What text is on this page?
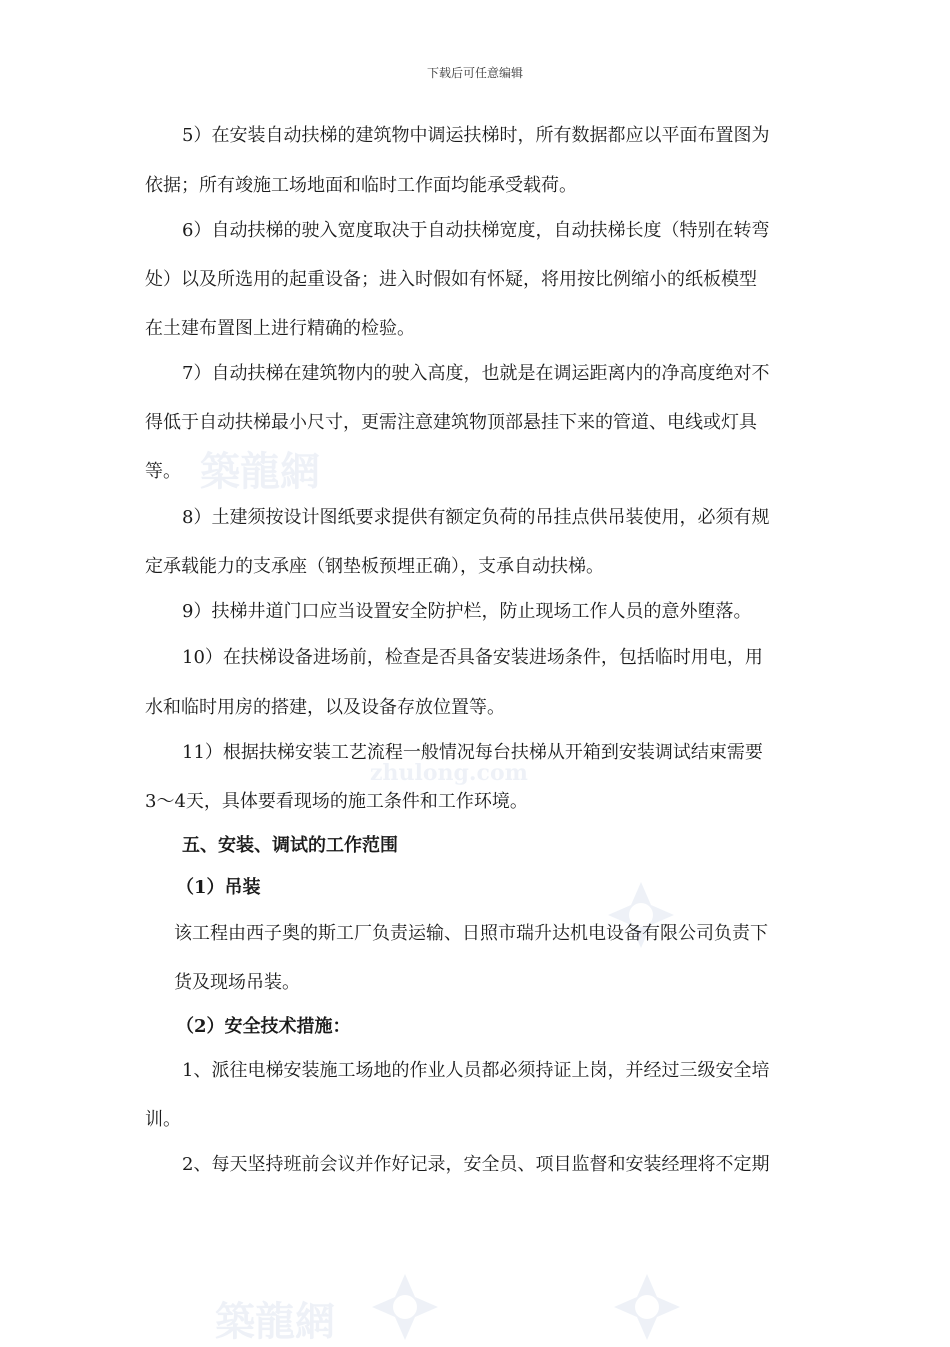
下载后可任意编辑
築龍網
zhulong.com
築龍網
5）在安装自动扶梯的建筑物中调运扶梯时，所有数据都应以平面布置图为
依据；所有竣施工场地面和临时工作面均能承受载荷。
6）自动扶梯的驶入宽度取决于自动扶梯宽度，自动扶梯长度（特别在转弯
处）以及所选用的起重设备；进入时假如有怀疑，将用按比例缩小的纸板模型
在土建布置图上进行精确的检验。
7）自动扶梯在建筑物内的驶入高度，也就是在调运距离内的净高度绝对不
得低于自动扶梯最小尺寸，更需注意建筑物顶部悬挂下来的管道、电线或灯具
等。
8）土建须按设计图纸要求提供有额定负荷的吊挂点供吊装使用，必须有规
定承载能力的支承座（钢垫板预埋正确），支承自动扶梯。
9）扶梯井道门口应当设置安全防护栏，防止现场工作人员的意外堕落。
10）在扶梯设备进场前，检查是否具备安装进场条件，包括临时用电，用
水和临时用房的搭建，以及设备存放位置等。
11）根据扶梯安装工艺流程一般情况每台扶梯从开箱到安装调试结束需要
3～4天，具体要看现场的施工条件和工作环境。
五、安装、调试的工作范围
（1）吊装
该工程由西子奥的斯工厂负责运输、日照市瑞升达机电设备有限公司负责下
货及现场吊装。
（2）安全技术措施：
1、派往电梯安装施工场地的作业人员都必须持证上岗，并经过三级安全培
训。
2、每天坚持班前会议并作好记录，安全员、项目监督和安装经理将不定期
